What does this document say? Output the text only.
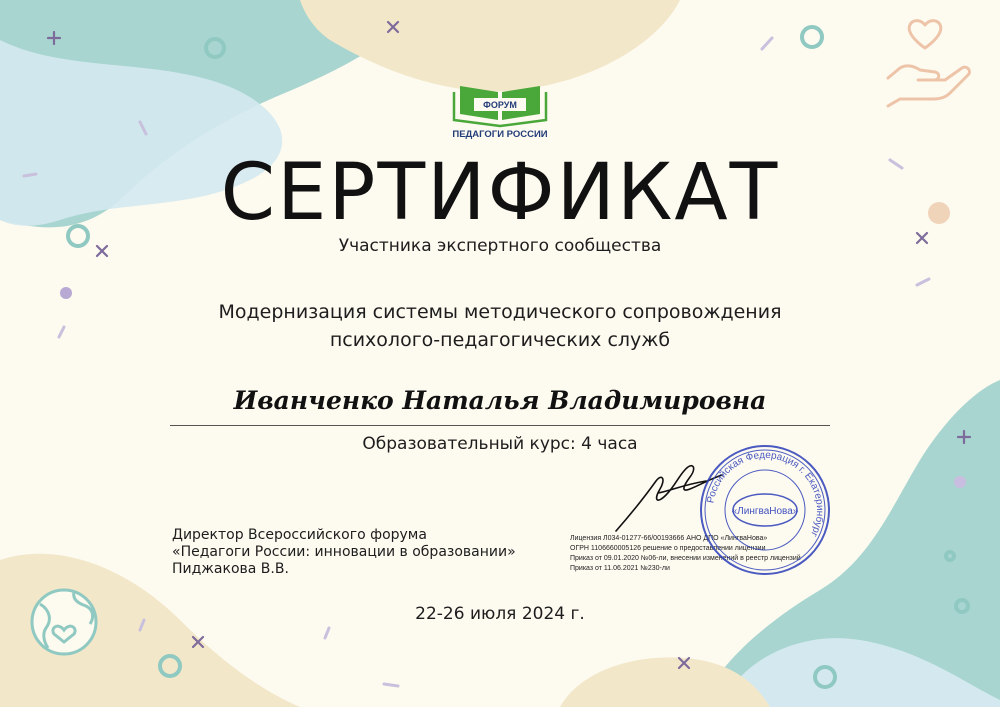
ФОРУМ
ПЕДАГОГИ РОССИИ
СЕРТИФИКАТ
Участника экспертного сообщества
Модернизация системы методического сопровождения
психолого-педагогических служб
Иванченко Наталья Владимировна
Образовательный курс: 4 часа
Директор Всероссийского форума
«Педагоги России: инновации в образовании»
Пиджакова В.В.
Лицензия Л034-01277-66/00193666 АНО ДПО «ЛингваНова»
ОГРН 1106660005126 решение о предоставлении лицензии
Приказ от 09.01.2020 №06-ли, внесении изменений в реестр лицензий
Приказ от 11.06.2021 №230-ли
Российская Федерация г. Екатеринбург
«ЛингваНова»
22-26 июля 2024 г.
